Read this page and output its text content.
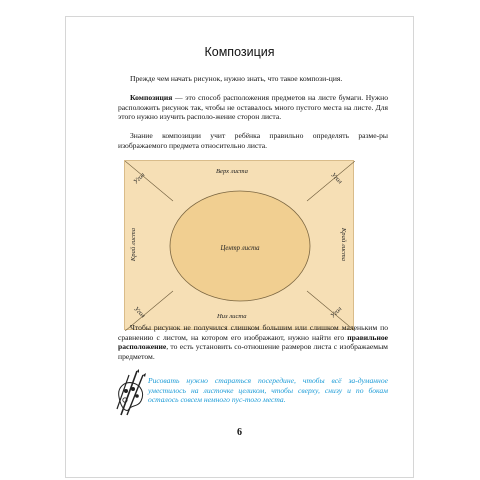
Композиция

Прежде чем начать рисунок, нужно знать, что такое компози-ция.

Композиция — это способ расположения предметов на листе бумаги. Нужно расположить рисунок так, чтобы не оставалось много пустого места на листе. Для этого нужно изучить располо-жение сторон листа.

Знание композиции учит ребёнка правильно определять разме-ры изображаемого предмета относительно листа.

Верх листа
Низ листа
Центр листа
Край листа	Край листа
Угол	Угол
Угол	Угол

Чтобы рисунок не получился слишком большим или слишком маленьким по сравнению с листом, на котором его изображают, нужно найти его правильное расположение, то есть установить со-отношение размеров листа с изображаемым предметом.

Рисовать нужно стараться посередине, чтобы всё за-думанное уместилось на листочке целиком, чтобы сверху, снизу и по бокам осталось совсем немного пус-того места.

6
